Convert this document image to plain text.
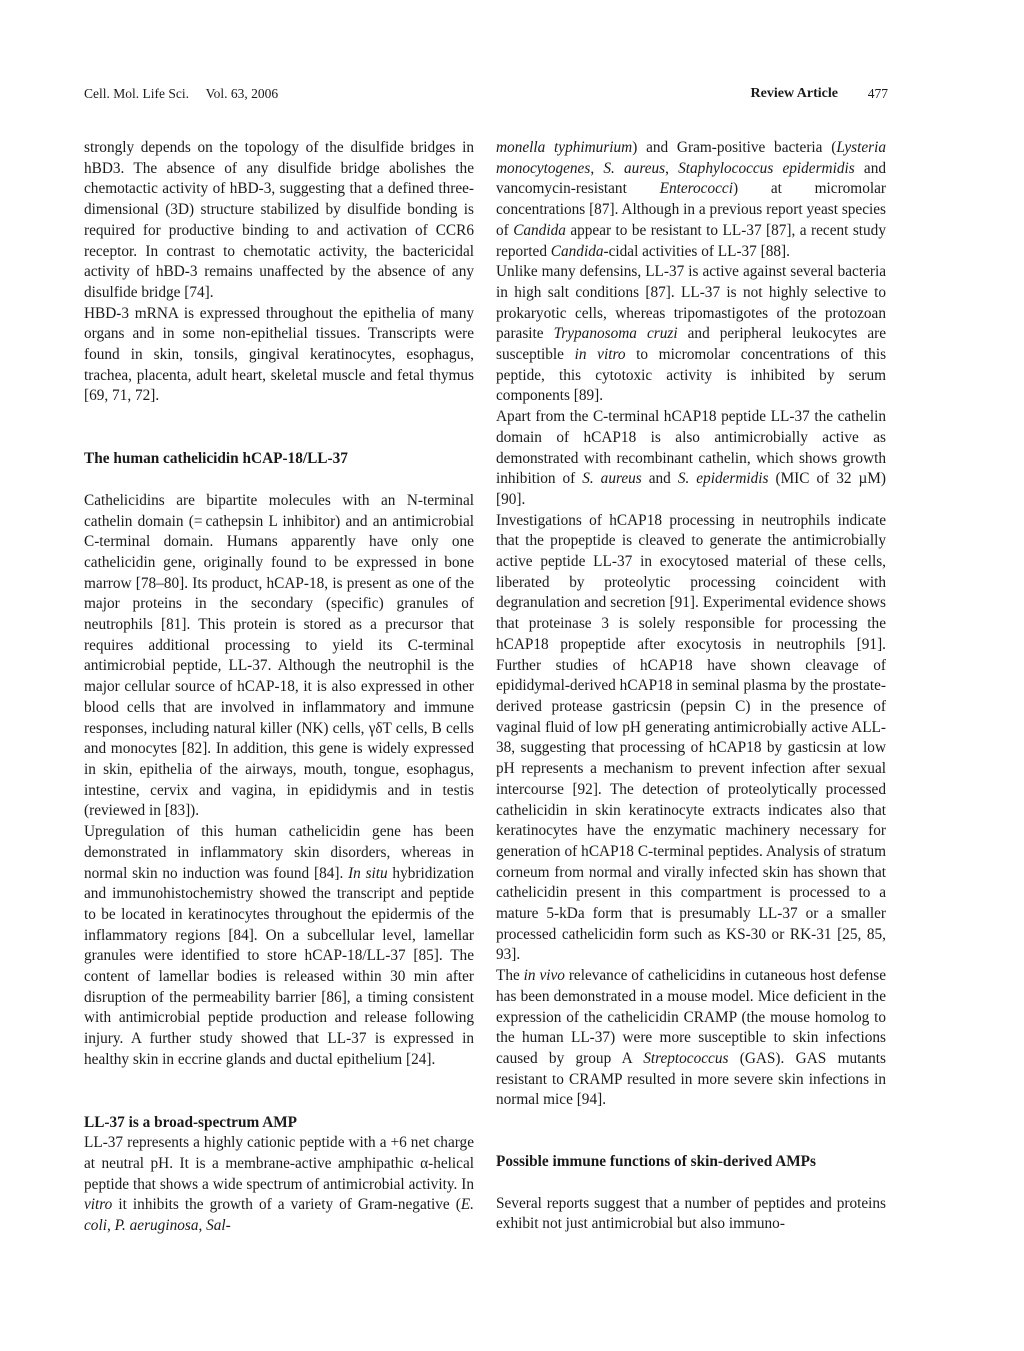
Cell. Mol. Life Sci.  Vol. 63, 2006	Review Article 477

strongly depends on the topology of the disulfide bridges in hBD3. The absence of any disulfide bridge abolishes the chemotactic activity of hBD-3, suggesting that a defined three-dimensional (3D) structure stabilized by disulfide bonding is required for productive binding to and activation of CCR6 receptor. In contrast to chemotatic activity, the bactericidal activity of hBD-3 remains unaffected by the absence of any disulfide bridge [74].

HBD-3 mRNA is expressed throughout the epithelia of many organs and in some non-epithelial tissues. Transcripts were found in skin, tonsils, gingival keratinocytes, esophagus, trachea, placenta, adult heart, skeletal muscle and fetal thymus [69, 71, 72].

The human cathelicidin hCAP-18/LL-37

Cathelicidins are bipartite molecules with an N-terminal cathelin domain (= cathepsin L inhibitor) and an antimicrobial C-terminal domain. Humans apparently have only one cathelicidin gene, originally found to be expressed in bone marrow [78–80]. Its product, hCAP-18, is present as one of the major proteins in the secondary (specific) granules of neutrophils [81]. This protein is stored as a precursor that requires additional processing to yield its C-terminal antimicrobial peptide, LL-37. Although the neutrophil is the major cellular source of hCAP-18, it is also expressed in other blood cells that are involved in inflammatory and immune responses, including natural killer (NK) cells, γδT cells, B cells and monocytes [82]. In addition, this gene is widely expressed in skin, epithelia of the airways, mouth, tongue, esophagus, intestine, cervix and vagina, in epididymis and in testis (reviewed in [83]).

Upregulation of this human cathelicidin gene has been demonstrated in inflammatory skin disorders, whereas in normal skin no induction was found [84]. In situ hybridization and immunohistochemistry showed the transcript and peptide to be located in keratinocytes throughout the epidermis of the inflammatory regions [84]. On a subcellular level, lamellar granules were identified to store hCAP-18/LL-37 [85]. The content of lamellar bodies is released within 30 min after disruption of the permeability barrier [86], a timing consistent with antimicrobial peptide production and release following injury. A further study showed that LL-37 is expressed in healthy skin in eccrine glands and ductal epithelium [24].

LL-37 is a broad-spectrum AMP

LL-37 represents a highly cationic peptide with a +6 net charge at neutral pH. It is a membrane-active amphipathic α-helical peptide that shows a wide spectrum of antimicrobial activity. In vitro it inhibits the growth of a variety of Gram-negative (E. coli, P. aeruginosa, Sal-

monella typhimurium) and Gram-positive bacteria (Lysteria monocytogenes, S. aureus, Staphylococcus epidermidis and vancomycin-resistant Enterococci) at micromolar concentrations [87]. Although in a previous report yeast species of Candida appear to be resistant to LL-37 [87], a recent study reported Candida-cidal activities of LL-37 [88].

Unlike many defensins, LL-37 is active against several bacteria in high salt conditions [87]. LL-37 is not highly selective to prokaryotic cells, whereas tripomastigotes of the protozoan parasite Trypanosoma cruzi and peripheral leukocytes are susceptible in vitro to micromolar concentrations of this peptide, this cytotoxic activity is inhibited by serum components [89].

Apart from the C-terminal hCAP18 peptide LL-37 the cathelin domain of hCAP18 is also antimicrobially active as demonstrated with recombinant cathelin, which shows growth inhibition of S. aureus and S. epidermidis (MIC of 32 µM) [90].

Investigations of hCAP18 processing in neutrophils indicate that the propeptide is cleaved to generate the antimicrobially active peptide LL-37 in exocytosed material of these cells, liberated by proteolytic processing coincident with degranulation and secretion [91]. Experimental evidence shows that proteinase 3 is solely responsible for processing the hCAP18 propeptide after exocytosis in neutrophils [91]. Further studies of hCAP18 have shown cleavage of epididymal-derived hCAP18 in seminal plasma by the prostate-derived protease gastricsin (pepsin C) in the presence of vaginal fluid of low pH generating antimicrobially active ALL-38, suggesting that processing of hCAP18 by gasticsin at low pH represents a mechanism to prevent infection after sexual intercourse [92]. The detection of proteolytically processed cathelicidin in skin keratinocyte extracts indicates also that keratinocytes have the enzymatic machinery necessary for generation of hCAP18 C-terminal peptides. Analysis of stratum corneum from normal and virally infected skin has shown that cathelicidin present in this compartment is processed to a mature 5-kDa form that is presumably LL-37 or a smaller processed cathelicidin form such as KS-30 or RK-31 [25, 85, 93].

The in vivo relevance of cathelicidins in cutaneous host defense has been demonstrated in a mouse model. Mice deficient in the expression of the cathelicidin CRAMP (the mouse homolog to the human LL-37) were more susceptible to skin infections caused by group A Streptococcus (GAS). GAS mutants resistant to CRAMP resulted in more severe skin infections in normal mice [94].

Possible immune functions of skin-derived AMPs

Several reports suggest that a number of peptides and proteins exhibit not just antimicrobial but also immuno-
